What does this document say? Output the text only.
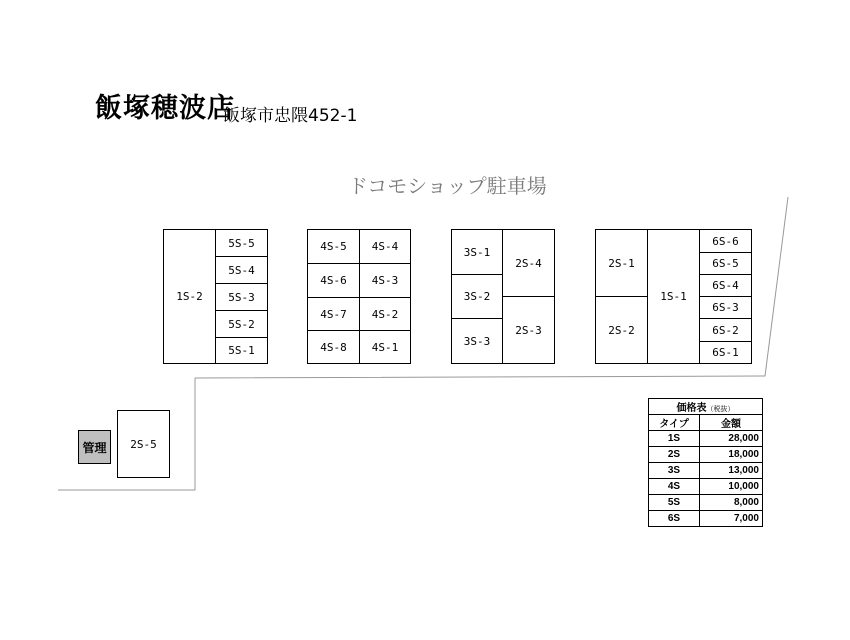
飯塚穂波店
飯塚市忠隈452-1
ドコモショップ駐車場
1S-2
5S-5
5S-4
5S-3
5S-2
5S-1
4S-5	4S-4
4S-6	4S-3
4S-7	4S-2
4S-8	4S-1
3S-1
3S-2
3S-3
2S-4
2S-3
2S-1
2S-2
1S-1
6S-6
6S-5
6S-4
6S-3
6S-2
6S-1
管理	2S-5
価格表（税抜）	
タイプ	金額
1S	28,000
2S	18,000
3S	13,000
4S	10,000
5S	8,000
6S	7,000
